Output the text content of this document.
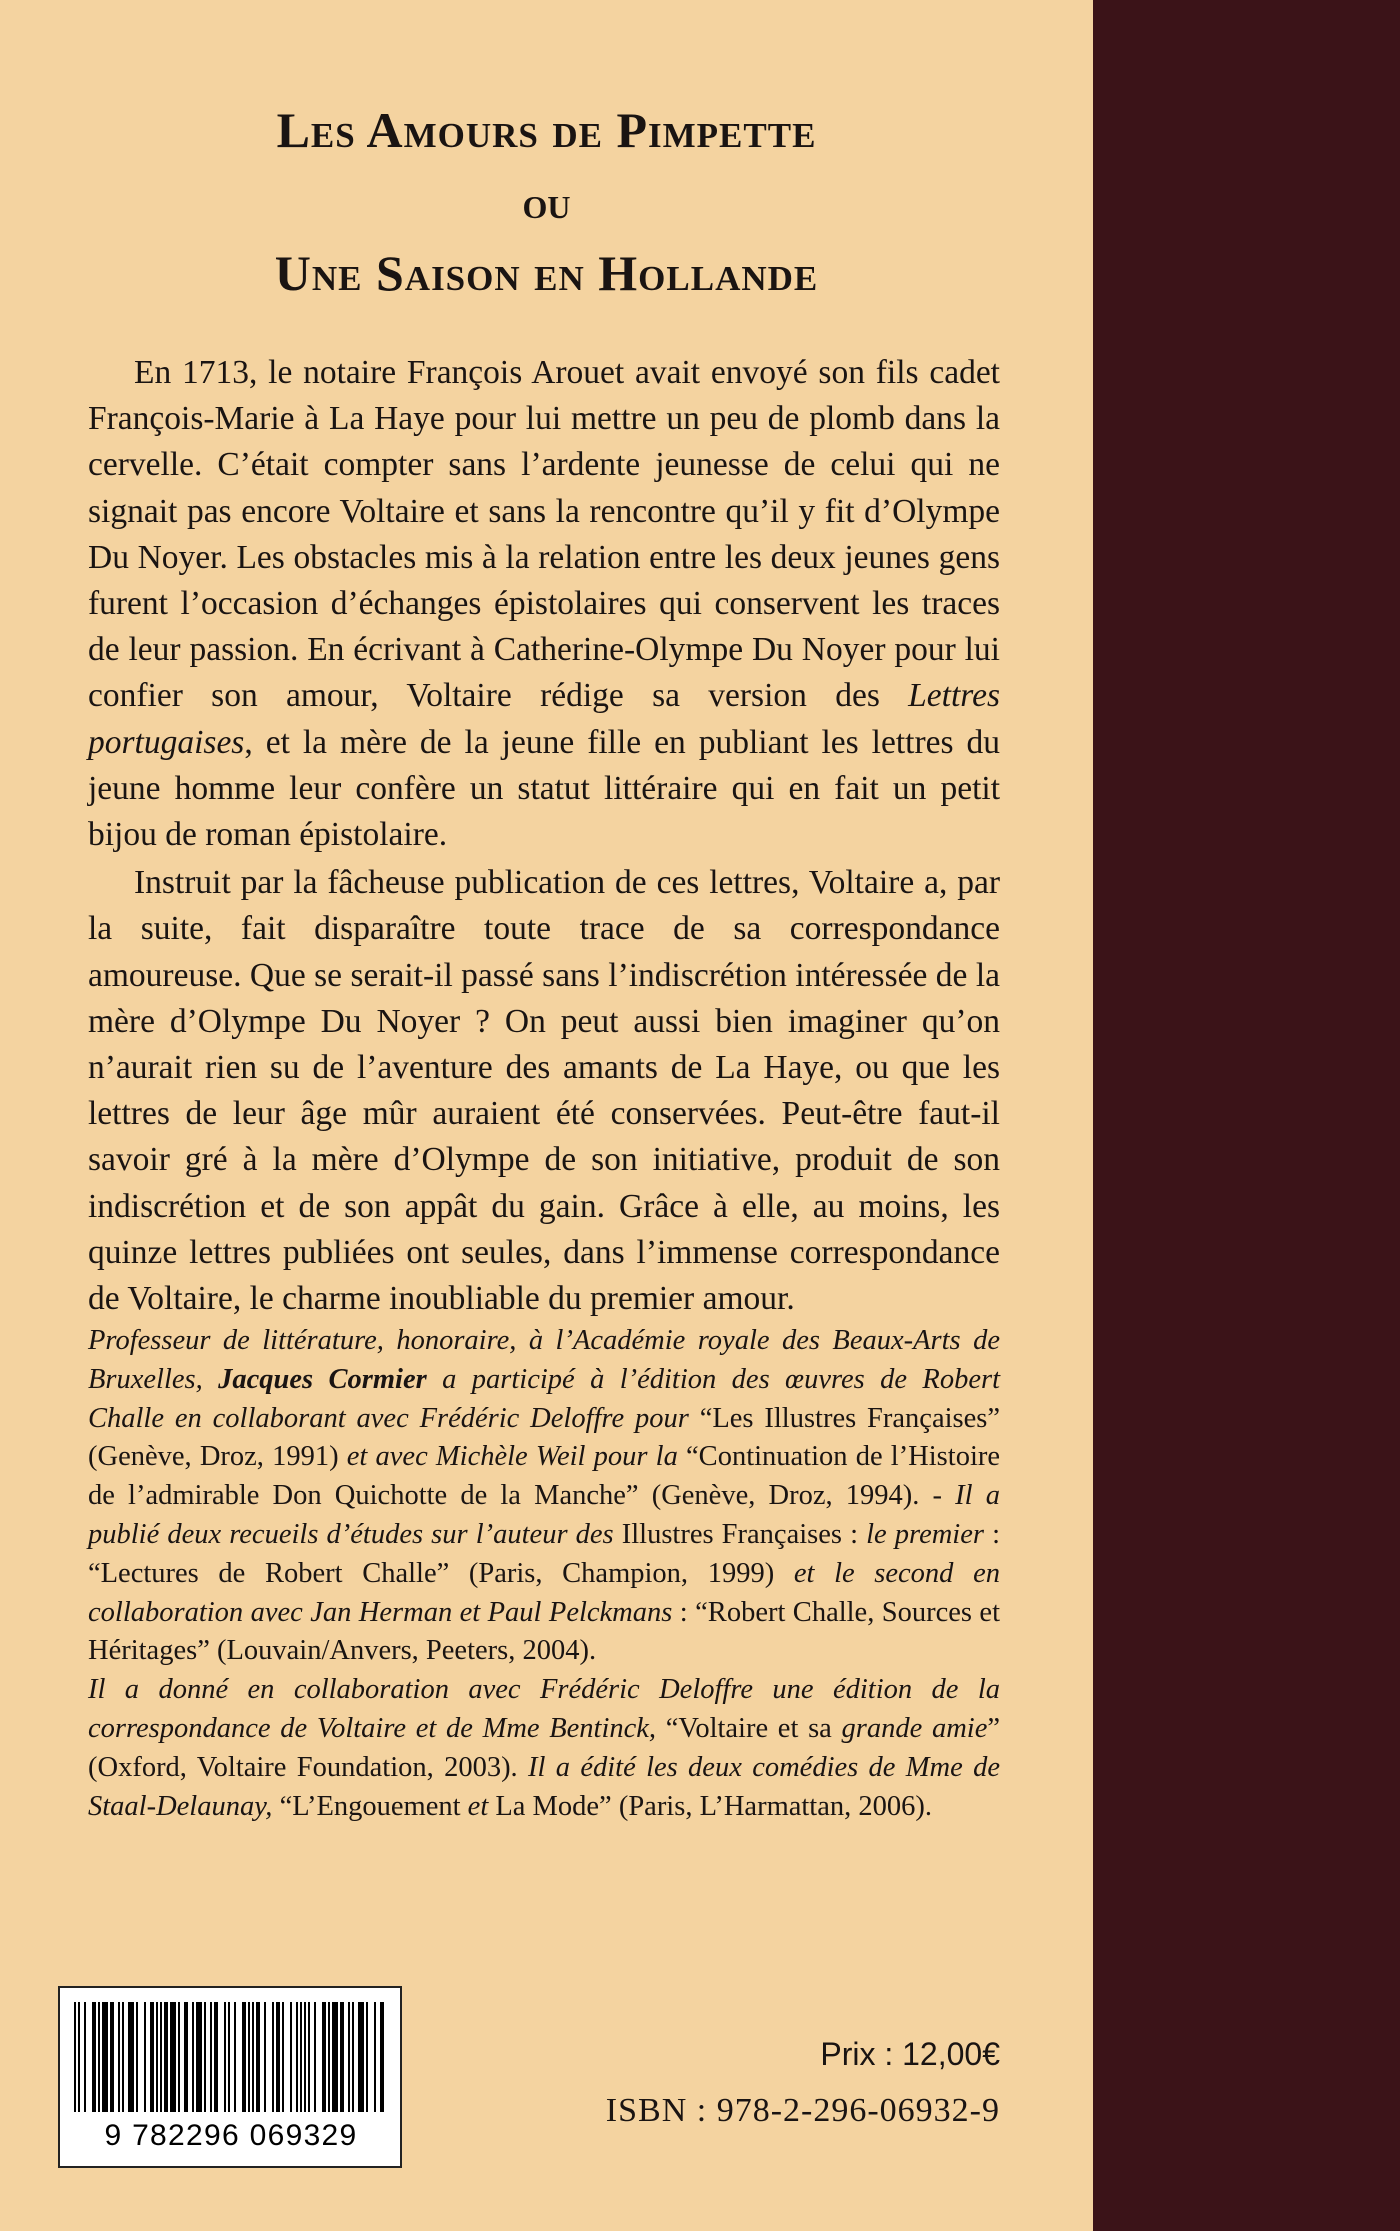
Les Amours de Pimpette
ou
Une Saison en Hollande

En 1713, le notaire François Arouet avait envoyé son fils cadet François-Marie à La Haye pour lui mettre un peu de plomb dans la cervelle. C’était compter sans l’ardente jeunesse de celui qui ne signait pas encore Voltaire et sans la rencontre qu’il y fit d’Olympe Du Noyer. Les obstacles mis à la relation entre les deux jeunes gens furent l’occasion d’échanges épistolaires qui conservent les traces de leur passion. En écrivant à Catherine-Olympe Du Noyer pour lui confier son amour, Voltaire rédige sa version des Lettres portugaises, et la mère de la jeune fille en publiant les lettres du jeune homme leur confère un statut littéraire qui en fait un petit bijou de roman épistolaire.

Instruit par la fâcheuse publication de ces lettres, Voltaire a, par la suite, fait disparaître toute trace de sa correspondance amoureuse. Que se serait-il passé sans l’indiscrétion intéressée de la mère d’Olympe Du Noyer ? On peut aussi bien imaginer qu’on n’aurait rien su de l’aventure des amants de La Haye, ou que les lettres de leur âge mûr auraient été conservées. Peut-être faut-il savoir gré à la mère d’Olympe de son initiative, produit de son indiscrétion et de son appât du gain. Grâce à elle, au moins, les quinze lettres publiées ont seules, dans l’immense correspondance de Voltaire, le charme inoubliable du premier amour.

Professeur de littérature, honoraire, à l’Académie royale des Beaux-Arts de Bruxelles, Jacques Cormier a participé à l’édition des œuvres de Robert Challe en collaborant avec Frédéric Deloffre pour “Les Illustres Françaises” (Genève, Droz, 1991) et avec Michèle Weil pour la “Continuation de l’Histoire de l’admirable Don Quichotte de la Manche” (Genève, Droz, 1994). - Il a publié deux recueils d’études sur l’auteur des Illustres Françaises : le premier : “Lectures de Robert Challe” (Paris, Champion, 1999) et le second en collaboration avec Jan Herman et Paul Pelckmans : “Robert Challe, Sources et Héritages” (Louvain/Anvers, Peeters, 2004).

Il a donné en collaboration avec Frédéric Deloffre une édition de la correspondance de Voltaire et de Mme Bentinck, “Voltaire et sa grande amie” (Oxford, Voltaire Foundation, 2003). Il a édité les deux comédies de Mme de Staal-Delaunay, “L’Engouement et La Mode” (Paris, L’Harmattan, 2006).

9 782296 069329
Prix : 12,00€
ISBN : 978-2-296-06932-9
